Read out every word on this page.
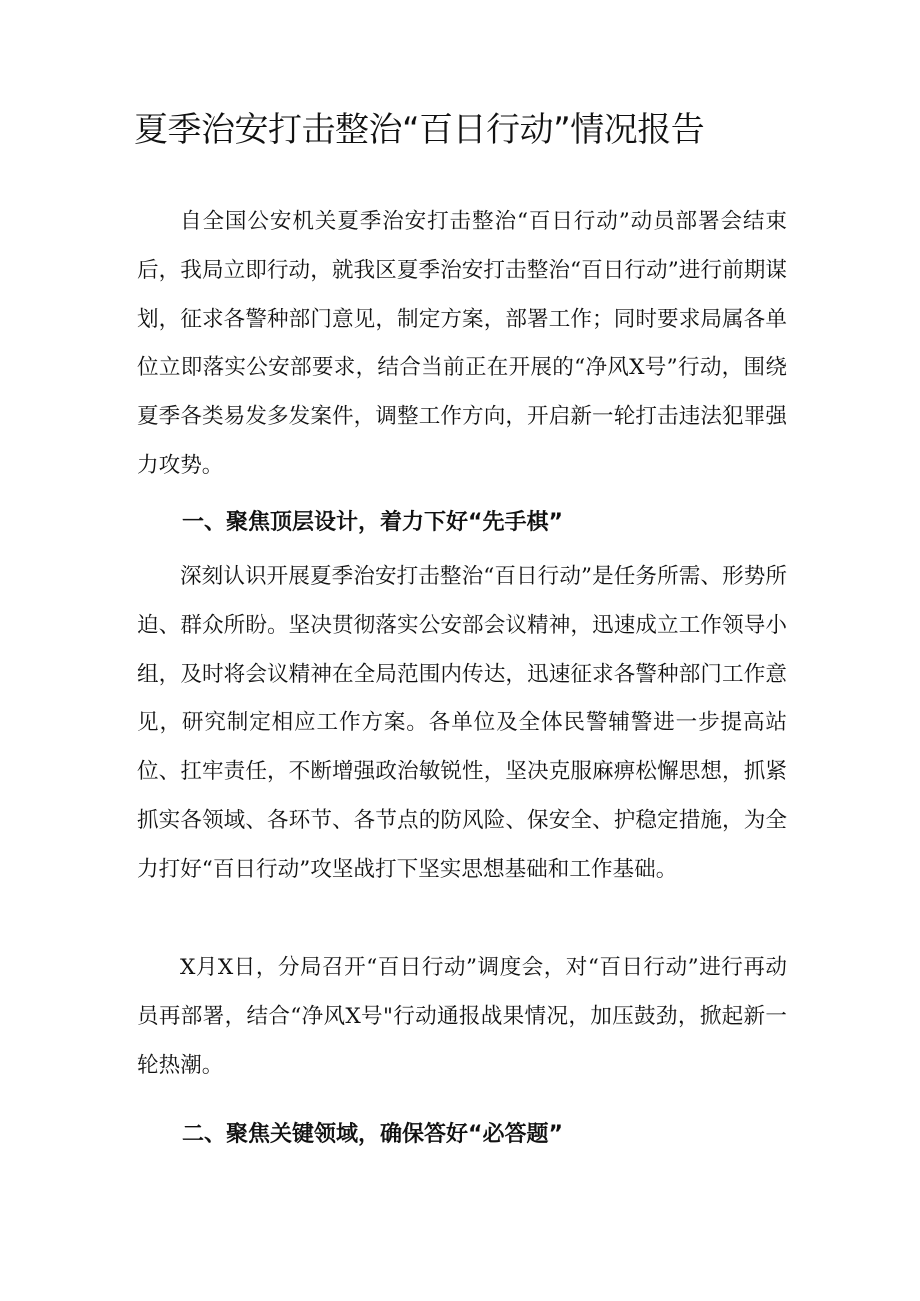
夏季治安打击整治“百日行动”情况报告

自全国公安机关夏季治安打击整治“百日行动”动员部署会结束后，我局立即行动，就我区夏季治安打击整治“百日行动”进行前期谋划，征求各警种部门意见，制定方案，部署工作；同时要求局属各单位立即落实公安部要求，结合当前正在开展的“净风X号”行动，围绕夏季各类易发多发案件，调整工作方向，开启新一轮打击违法犯罪强力攻势。

一、聚焦顶层设计，着力下好“先手棋”

深刻认识开展夏季治安打击整治“百日行动”是任务所需、形势所迫、群众所盼。坚决贯彻落实公安部会议精神，迅速成立工作领导小组，及时将会议精神在全局范围内传达，迅速征求各警种部门工作意见，研究制定相应工作方案。各单位及全体民警辅警进一步提高站位、扛牢责任，不断增强政治敏锐性，坚决克服麻痹松懈思想，抓紧抓实各领域、各环节、各节点的防风险、保安全、护稳定措施，为全力打好“百日行动”攻坚战打下坚实思想基础和工作基础。

X月X日，分局召开“百日行动”调度会，对“百日行动”进行再动员再部署，结合“净风X号"行动通报战果情况，加压鼓劲，掀起新一轮热潮。

二、聚焦关键领域，确保答好“必答题”
